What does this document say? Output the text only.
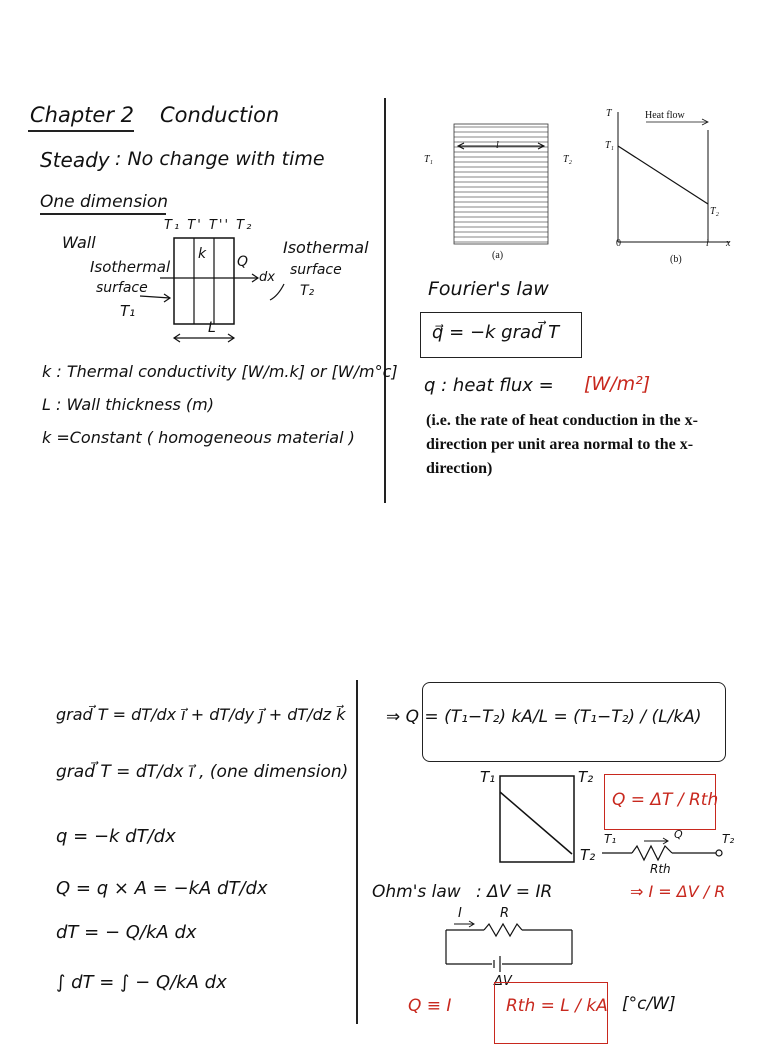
Chapter 2 Conduction
Steady : No change with time
One dimension
T₁ T' T'' T₂
Wall
k Q
dx
Isothermal
surface
T₁
Isothermal
surface
T₂
L
k : Thermal conductivity [W/m.k] or [W/m°c]
L : Wall thickness (m)
k =Constant ( homogeneous material )
l
T₁	T₂
(a)
T	Heat flow
T₁
T₂
0	l x
(b)
Fourier's law
q⃗ = −k grad⃗ T
q : heat flux = [W/m²]
(i.e. the rate of heat conduction in the x-direction per unit area normal to the x-direction)
grad⃗ T = dT/dx i⃗ + dT/dy j⃗ + dT/dz k⃗
grad⃗ T = dT/dx i⃗ , (one dimension)
q = −k dT/dx
Q = q × A = −kA dT/dx
dT = − Q/kA dx
∫ dT = ∫ − Q/kA dx
⇒ Q = (T₁−T₂) kA/L = (T₁−T₂) / (L/kA)
T₁	T₂
T₂
Q = ΔT / Rth
T₁	Q	T₂
Rth
Ohm's law : ΔV = IR	⇒ I = ΔV / R
I	R
ΔV
Q ≡ I	Rth = L / kA [°c/W]
